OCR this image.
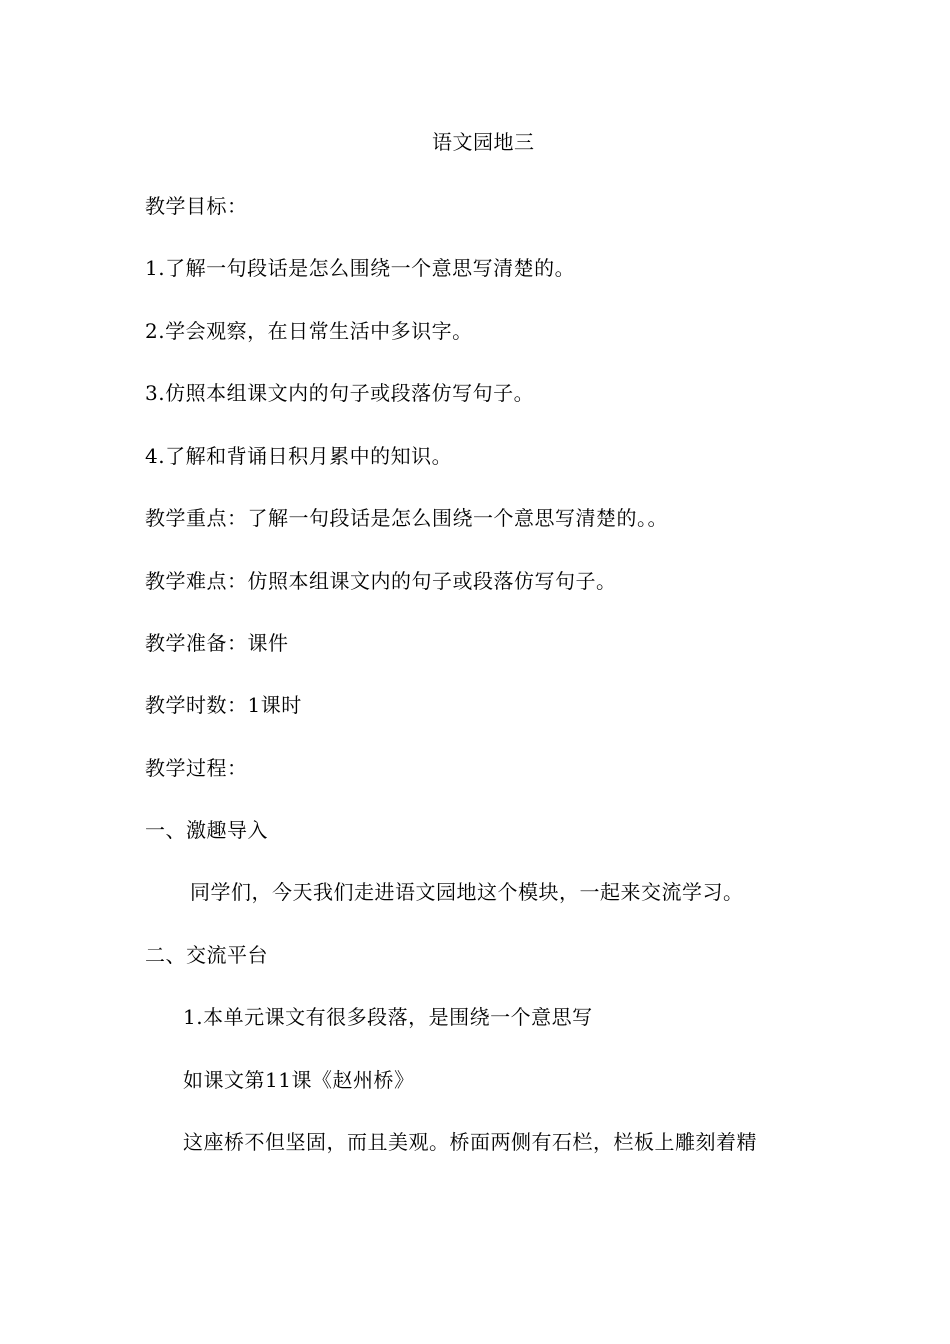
语文园地三
教学目标：
1.了解一句段话是怎么围绕一个意思写清楚的。
2.学会观察，在日常生活中多识字。
3.仿照本组课文内的句子或段落仿写句子。
4.了解和背诵日积月累中的知识。
教学重点：了解一句段话是怎么围绕一个意思写清楚的。。
教学难点：仿照本组课文内的句子或段落仿写句子。
教学准备：课件
教学时数：1课时
教学过程：
一、激趣导入
同学们，今天我们走进语文园地这个模块，一起来交流学习。
二、交流平台
1.本单元课文有很多段落，是围绕一个意思写
如课文第11课《赵州桥》
这座桥不但坚固，而且美观。桥面两侧有石栏，栏板上雕刻着精
